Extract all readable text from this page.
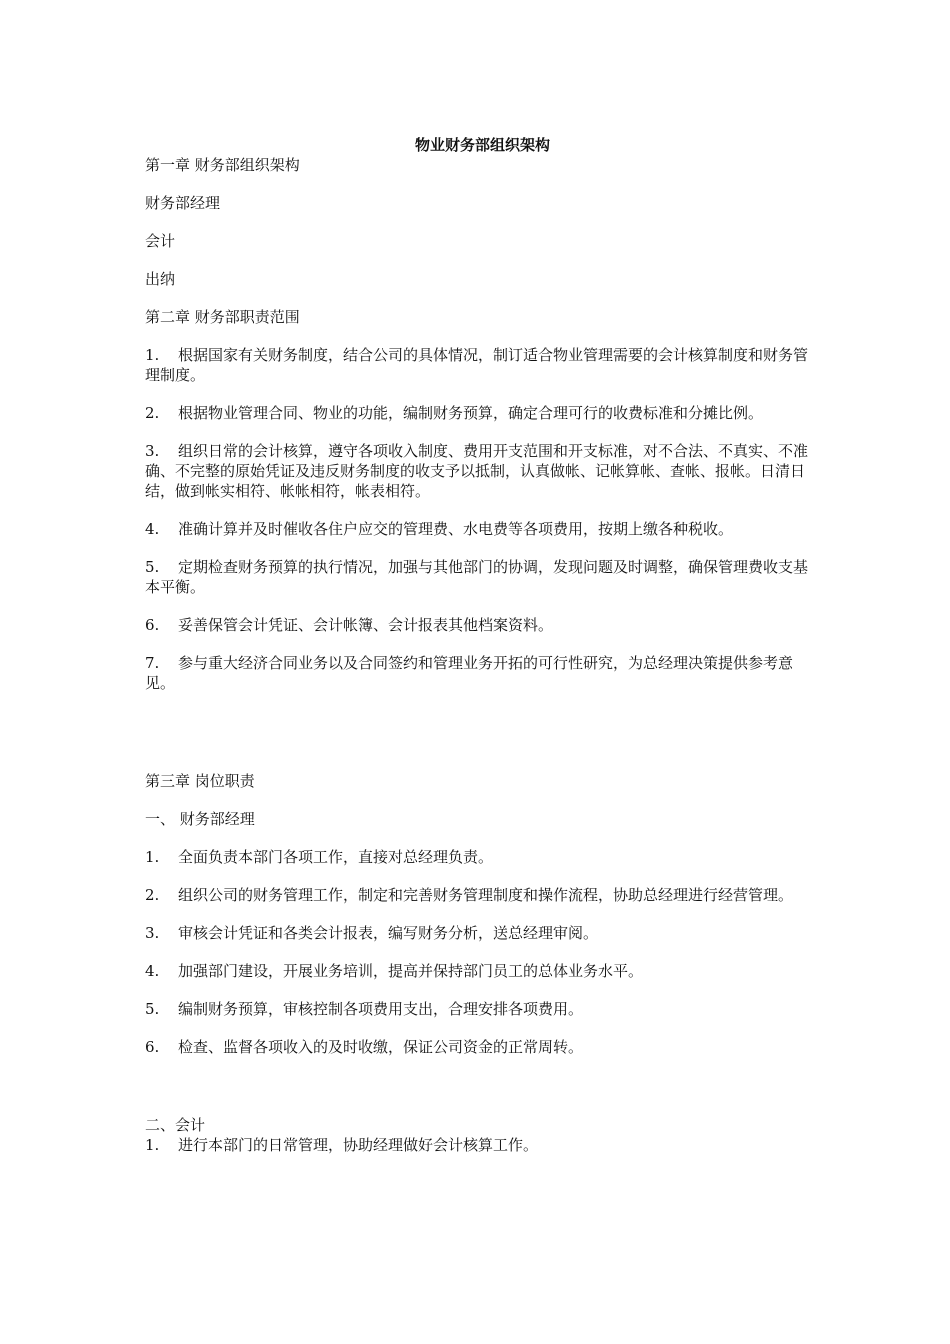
物业财务部组织架构

第一章 财务部组织架构

财务部经理

会计

出纳

第二章 财务部职责范围

1. 根据国家有关财务制度，结合公司的具体情况，制订适合物业管理需要的会计核算制度和财务管理制度。

2. 根据物业管理合同、物业的功能，编制财务预算，确定合理可行的收费标准和分摊比例。

3. 组织日常的会计核算，遵守各项收入制度、费用开支范围和开支标准，对不合法、不真实、不准确、不完整的原始凭证及违反财务制度的收支予以抵制，认真做帐、记帐算帐、查帐、报帐。日清日结，做到帐实相符、帐帐相符，帐表相符。

4. 准确计算并及时催收各住户应交的管理费、水电费等各项费用，按期上缴各种税收。

5. 定期检查财务预算的执行情况，加强与其他部门的协调，发现问题及时调整，确保管理费收支基本平衡。

6. 妥善保管会计凭证、会计帐簿、会计报表其他档案资料。

7. 参与重大经济合同业务以及合同签约和管理业务开拓的可行性研究，为总经理决策提供参考意见。

第三章 岗位职责

一、 财务部经理

1. 全面负责本部门各项工作，直接对总经理负责。

2. 组织公司的财务管理工作，制定和完善财务管理制度和操作流程，协助总经理进行经营管理。

3. 审核会计凭证和各类会计报表，编写财务分析，送总经理审阅。

4. 加强部门建设，开展业务培训，提高并保持部门员工的总体业务水平。

5. 编制财务预算，审核控制各项费用支出，合理安排各项费用。

6. 检查、监督各项收入的及时收缴，保证公司资金的正常周转。

二、会计

1. 进行本部门的日常管理，协助经理做好会计核算工作。
